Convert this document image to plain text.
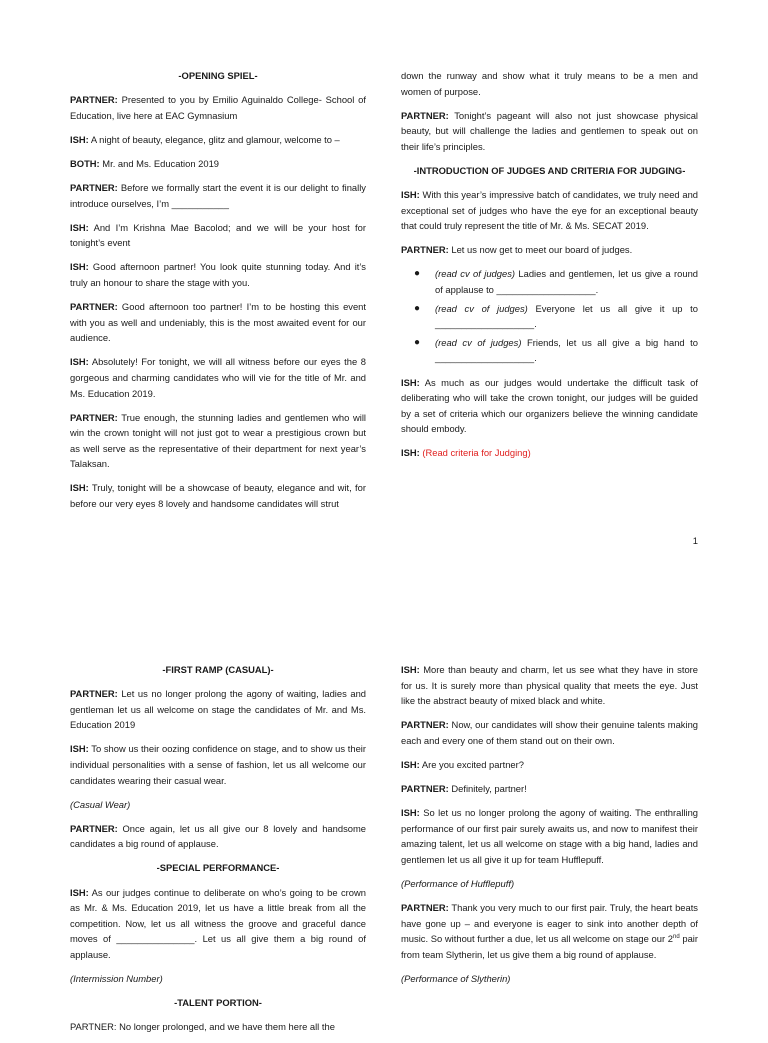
-OPENING SPIEL-

PARTNER: Presented to you by Emilio Aguinaldo College- School of Education, live here at EAC Gymnasium

ISH: A night of beauty, elegance, glitz and glamour, welcome to –

BOTH: Mr. and Ms. Education 2019

PARTNER: Before we formally start the event it is our delight to finally introduce ourselves, I’m ___________

ISH: And I’m Krishna Mae Bacolod; and we will be your host for tonight’s event

ISH: Good afternoon partner! You look quite stunning today. And it’s truly an honour to share the stage with you.

PARTNER: Good afternoon too partner! I’m to be hosting this event with you as well and undeniably, this is the most awaited event for our audience.

ISH: Absolutely! For tonight, we will all witness before our eyes the 8 gorgeous and charming candidates who will vie for the title of Mr. and Ms. Education 2019.

PARTNER: True enough, the stunning ladies and gentlemen who will win the crown tonight will not just got to wear a prestigious crown but as well serve as the representative of their department for next year’s Talaksan.

ISH: Truly, tonight will be a showcase of beauty, elegance and wit, for before our very eyes 8 lovely and handsome candidates will strut

down the runway and show what it truly means to be a men and women of purpose.

PARTNER: Tonight’s pageant will also not just showcase physical beauty, but will challenge the ladies and gentlemen to speak out on their life’s principles.

-INTRODUCTION OF JUDGES AND CRITERIA FOR JUDGING-

ISH: With this year’s impressive batch of candidates, we truly need and exceptional set of judges who have the eye for an exceptional beauty that could truly represent the title of Mr. & Ms. SECAT 2019.

PARTNER: Let us now get to meet our board of judges.

● (read cv of judges) Ladies and gentlemen, let us give a round of applause to ___________________.
● (read cv of judges) Everyone let us all give it up to ___________________.
● (read cv of judges) Friends, let us all give a big hand to ___________________.

ISH: As much as our judges would undertake the difficult task of deliberating who will take the crown tonight, our judges will be guided by a set of criteria which our organizers believe the winning candidate should embody.

ISH: (Read criteria for Judging)

1

-FIRST RAMP (CASUAL)-

PARTNER: Let us no longer prolong the agony of waiting, ladies and gentleman let us all welcome on stage the candidates of Mr. and Ms. Education 2019

ISH: To show us their oozing confidence on stage, and to show us their individual personalities with a sense of fashion, let us all welcome our candidates wearing their casual wear.

(Casual Wear)

PARTNER: Once again, let us all give our 8 lovely and handsome candidates a big round of applause.

-SPECIAL PERFORMANCE-

ISH: As our judges continue to deliberate on who’s going to be crown as Mr. & Ms. Education 2019, let us have a little break from all the competition. Now, let us all witness the groove and graceful dance moves of _______________. Let us all give them a big round of applause.

(Intermission Number)

-TALENT PORTION-

PARTNER: No longer prolonged, and we have them here all the

ISH: More than beauty and charm, let us see what they have in store for us. It is surely more than physical quality that meets the eye. Just like the abstract beauty of mixed black and white.

PARTNER: Now, our candidates will show their genuine talents making each and every one of them stand out on their own.

ISH: Are you excited partner?

PARTNER: Definitely, partner!

ISH: So let us no longer prolong the agony of waiting. The enthralling performance of our first pair surely awaits us, and now to manifest their amazing talent, let us all welcome on stage with a big hand, ladies and gentlemen let us all give it up for team Hufflepuff.

(Performance of Hufflepuff)

PARTNER: Thank you very much to our first pair. Truly, the heart beats have gone up – and everyone is eager to sink into another depth of music. So without further a due, let us all welcome on stage our 2nd pair from team Slytherin, let us give them a big round of applause.

(Performance of Slytherin)
